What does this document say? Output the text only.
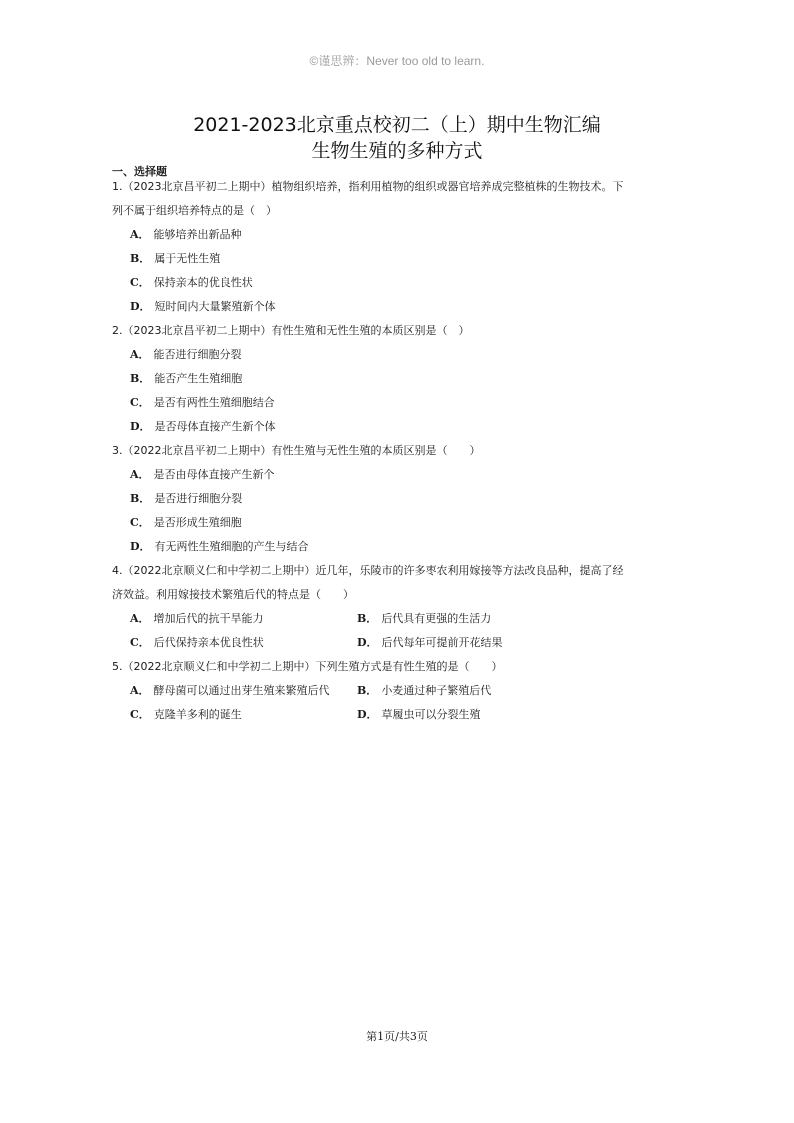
©谨思辨：Never too old to learn.
2021-2023北京重点校初二（上）期中生物汇编
生物生殖的多种方式
一、选择题
1.（2023北京昌平初二上期中）植物组织培养，指利用植物的组织或器官培养成完整植株的生物技术。下
列不属于组织培养特点的是（　）
A． 能够培养出新品种
B． 属于无性生殖
C． 保持亲本的优良性状
D． 短时间内大量繁殖新个体
2.（2023北京昌平初二上期中）有性生殖和无性生殖的本质区别是（　）
A． 能否进行细胞分裂
B． 能否产生生殖细胞
C． 是否有两性生殖细胞结合
D． 是否母体直接产生新个体
3.（2022北京昌平初二上期中）有性生殖与无性生殖的本质区别是（　　）
A． 是否由母体直接产生新个
B． 是否进行细胞分裂
C． 是否形成生殖细胞
D． 有无两性生殖细胞的产生与结合
4.（2022北京顺义仁和中学初二上期中）近几年，乐陵市的许多枣农利用嫁接等方法改良品种，提高了经
济效益。利用嫁接技术繁殖后代的特点是（　　）
A． 增加后代的抗干旱能力	B． 后代具有更强的生活力
C． 后代保持亲本优良性状	D． 后代每年可提前开花结果
5.（2022北京顺义仁和中学初二上期中）下列生殖方式是有性生殖的是（　　）
A． 酵母菌可以通过出芽生殖来繁殖后代 B． 小麦通过种子繁殖后代
C． 克隆羊多利的诞生	D． 草履虫可以分裂生殖
第1页/共3页
